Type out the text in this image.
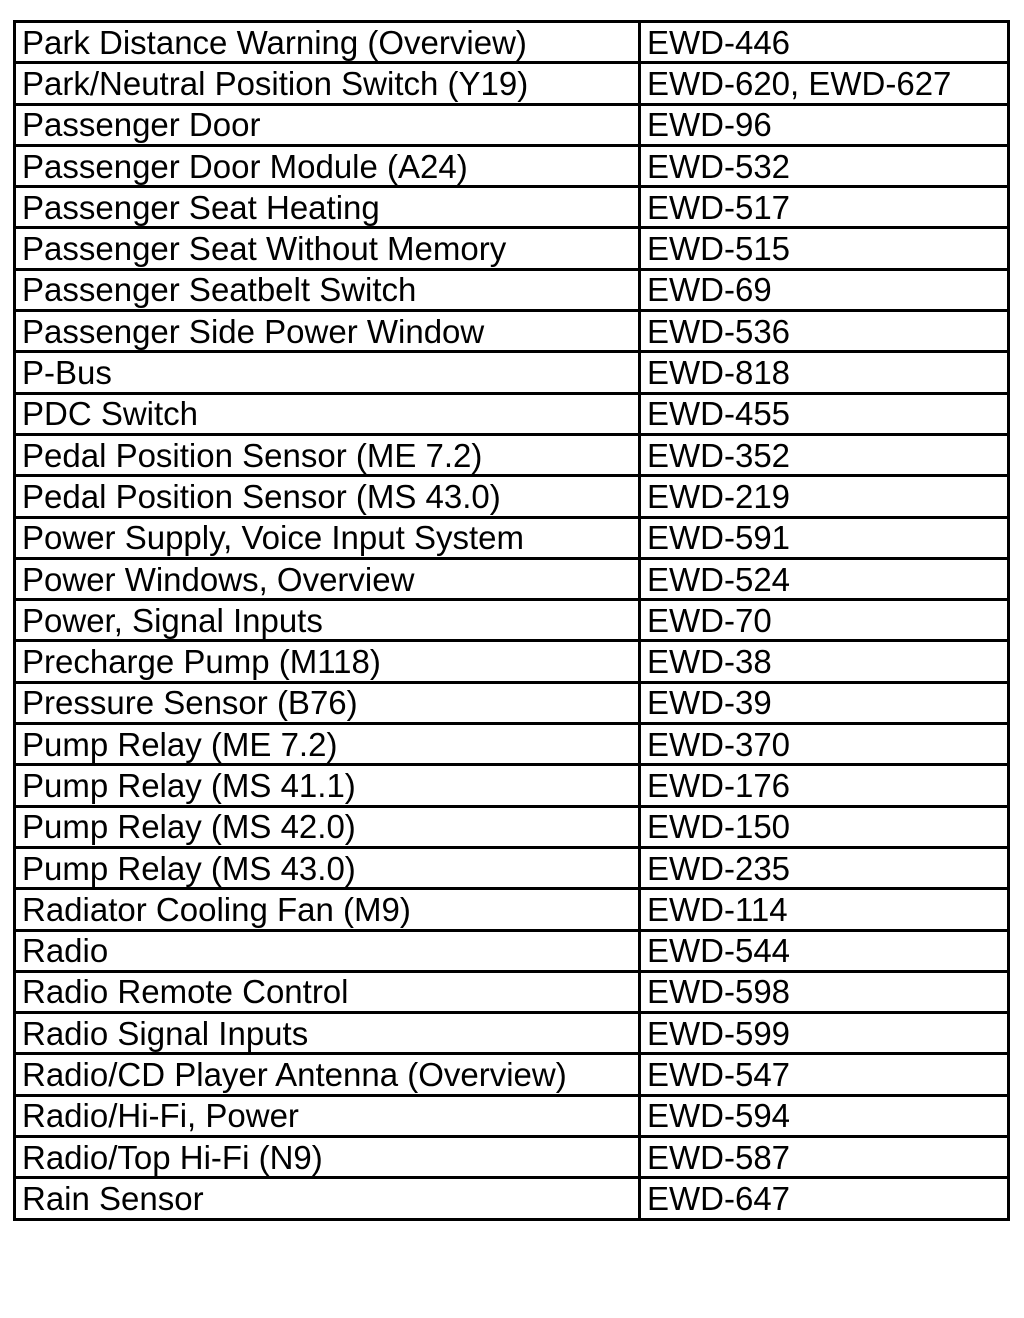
Park Distance Warning (Overview)	EWD-446
Park/Neutral Position Switch (Y19)	EWD-620, EWD-627
Passenger Door	EWD-96
Passenger Door Module (A24)	EWD-532
Passenger Seat Heating	EWD-517
Passenger Seat Without Memory	EWD-515
Passenger Seatbelt Switch	EWD-69
Passenger Side Power Window	EWD-536
P-Bus	EWD-818
PDC Switch	EWD-455
Pedal Position Sensor (ME 7.2)	EWD-352
Pedal Position Sensor (MS 43.0)	EWD-219
Power Supply, Voice Input System	EWD-591
Power Windows, Overview	EWD-524
Power, Signal Inputs	EWD-70
Precharge Pump (M118)	EWD-38
Pressure Sensor (B76)	EWD-39
Pump Relay (ME 7.2)	EWD-370
Pump Relay (MS 41.1)	EWD-176
Pump Relay (MS 42.0)	EWD-150
Pump Relay (MS 43.0)	EWD-235
Radiator Cooling Fan (M9)	EWD-114
Radio	EWD-544
Radio Remote Control	EWD-598
Radio Signal Inputs	EWD-599
Radio/CD Player Antenna (Overview)	EWD-547
Radio/Hi-Fi, Power	EWD-594
Radio/Top Hi-Fi (N9)	EWD-587
Rain Sensor	EWD-647
